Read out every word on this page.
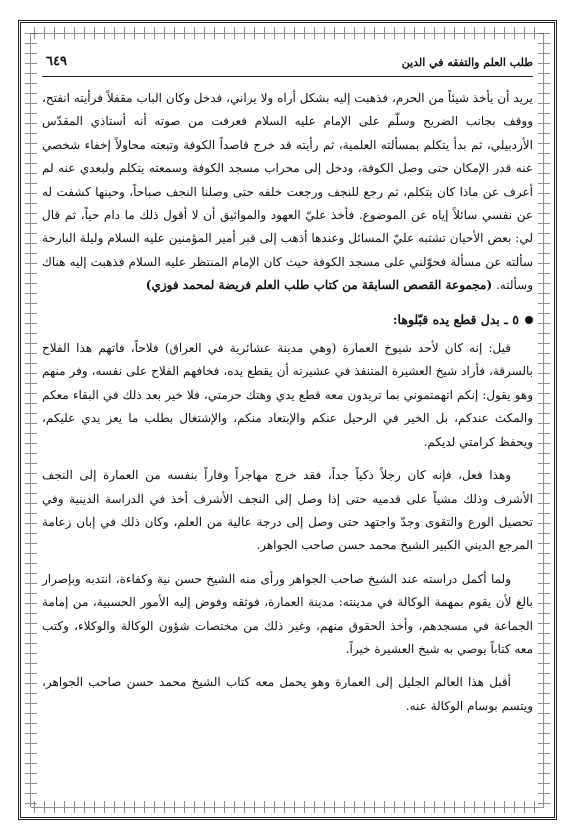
طلب العلم والتفقه في الدين
٦٤٩

يريد أن يأخذ شيئاً من الحرم، فذهبت إليه بشكل أراه ولا يراني، فدخل وكان الباب مقفلاً فرأيته انفتح، ووقف بجانب الضريح وسلّم على الإمام عليه السلام فعرفت من صوته أنه أستاذي المقدّس الأردبيلي، ثم بدأ يتكلم بمسألته العلمية، ثم رأيته قد خرج قاصداً الكوفة وتبعته محاولاً إخفاء شخصي عنه قدر الإمكان حتى وصل الكوفة، ودخل إلى محراب مسجد الكوفة وسمعته يتكلم ولبعدي عنه لم أعرف عن ماذا كان يتكلم، ثم رجع للنجف ورجعت خلفه حتى وصلنا النجف صباحاً، وحينها كشفت له عن نفسي سائلاً إياه عن الموضوع. فأخذ عليّ العهود والمواثيق أن لا أقول ذلك ما دام حياً، ثم قال لي: بعض الأحيان تشتبه عليّ المسائل وعندها أذهب إلى قبر أمير المؤمنين عليه السلام وليلة البارحة سألته عن مسألة فحوّلني على مسجد الكوفة حيث كان الإمام المنتظر عليه السلام فذهبت إليه هناك وسألته. (مجموعة القصص السابقة من كتاب طلب العلم فريضة لمحمد فوزي)

٥ ـ بدل قطع يده قبّلوها:

قيل: إنه كان لأحد شيوخ العمارة (وهي مدينة عشائرية في العراق) فلاحاً، فاتهم هذا الفلاح بالسرقة، فأراد شيخ العشيرة المتنفذ في عشيرته أن يقطع يده، فخافهم الفلاح على نفسه، وفر منهم وهو يقول: إنكم اتهمتموني بما تريدون معه قطع يدي وهتك حرمتي، فلا خير بعد ذلك في البقاء معكم والمكث عندكم، بل الخير في الرحيل عنكم والإبتعاد منكم، والإشتغال بطلب ما يعز يدي عليكم، ويحفظ كرامتي لديكم.

وهذا فعل، فإنه كان رجلاً ذكياً جداً، فقد خرج مهاجراً وفاراً بنفسه من العمارة إلى النجف الأشرف وذلك مشياً على قدميه حتى إذا وصل إلى النجف الأشرف أخذ في الدراسة الدينية وفي تحصيل الورع والتقوى وجدّ واجتهد حتى وصل إلى درجة عالية من العلم، وكان ذلك في إبان زعامة المرجع الديني الكبير الشيخ محمد حسن صاحب الجواهر.

ولما أكمل دراسته عند الشيخ صاحب الجواهر ورأى منه الشيخ حسن نية وكفاءة، انتدبه وبإصرار بالغ لأن يقوم بمهمة الوكالة في مدينته: مدينة العمارة، فوثقه وفوض إليه الأمور الحسبية، من إمامة الجماعة في مسجدهم، وأخذ الحقوق منهم، وغير ذلك من مختصات شؤون الوكالة والوكلاء، وكتب معه كتاباً يوصي به شيخ العشيرة خيراً.

أقبل هذا العالم الجليل إلى العمارة وهو يحمل معه كتاب الشيخ محمد حسن صاحب الجواهر، ويتسم بوسام الوكالة عنه.
